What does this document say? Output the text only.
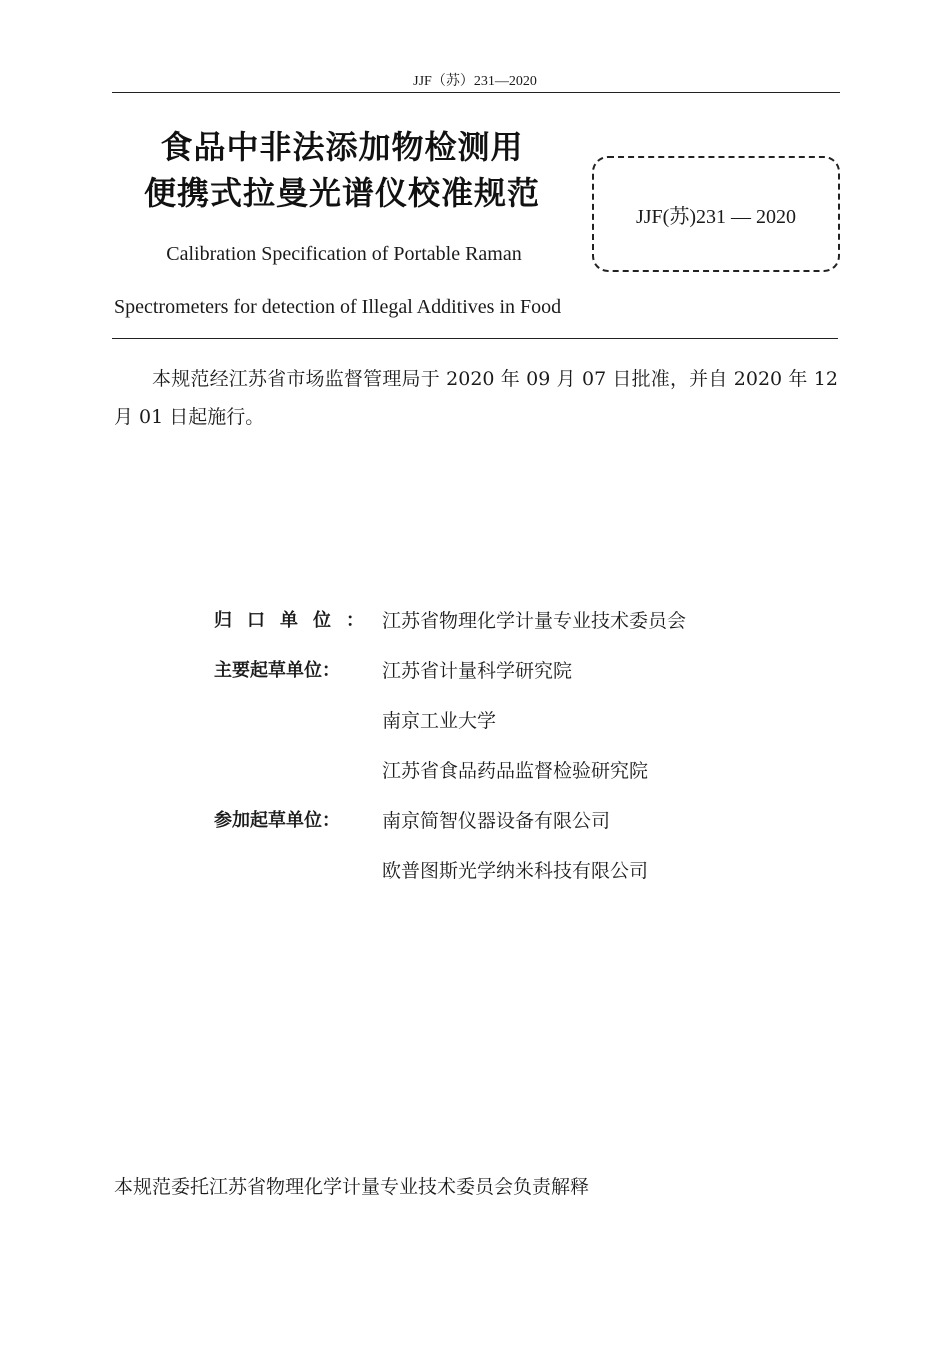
JJF（苏）231—2020
食品中非法添加物检测用
便携式拉曼光谱仪校准规范
JJF(苏)231 — 2020
Calibration Specification of Portable Raman
Spectrometers for detection of Illegal Additives in Food
本规范经江苏省市场监督管理局于 2020 年 09 月 07 日批准，并自 2020 年 12 月 01 日起施行。
归口单位： 江苏省物理化学计量专业技术委员会
主要起草单位：	江苏省计量科学研究院
南京工业大学
江苏省食品药品监督检验研究院
参加起草单位：	南京简智仪器设备有限公司
欧普图斯光学纳米科技有限公司
本规范委托江苏省物理化学计量专业技术委员会负责解释
